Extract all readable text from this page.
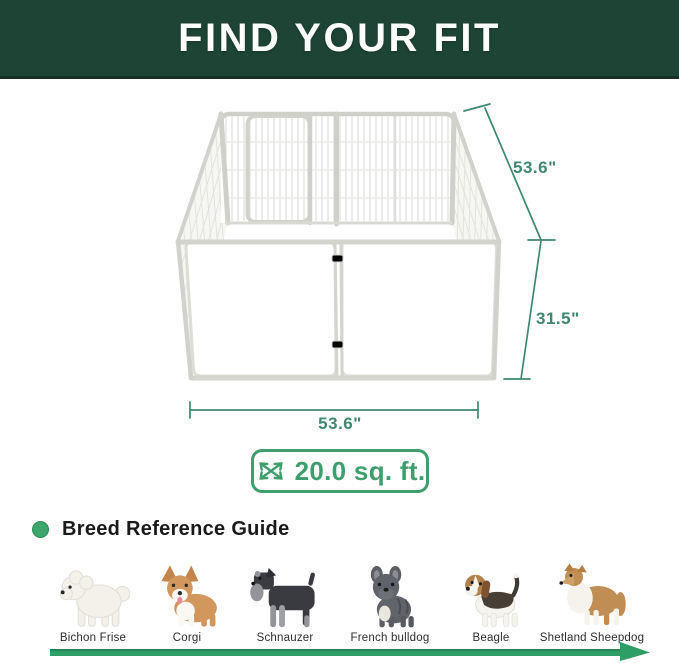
FIND YOUR FIT
53.6"
31.5"
53.6"
20.0 sq. ft.
Breed Reference Guide
Bichon Frise	Corgi	Schnauzer	French bulldog	Beagle	Shetland Sheepdog
